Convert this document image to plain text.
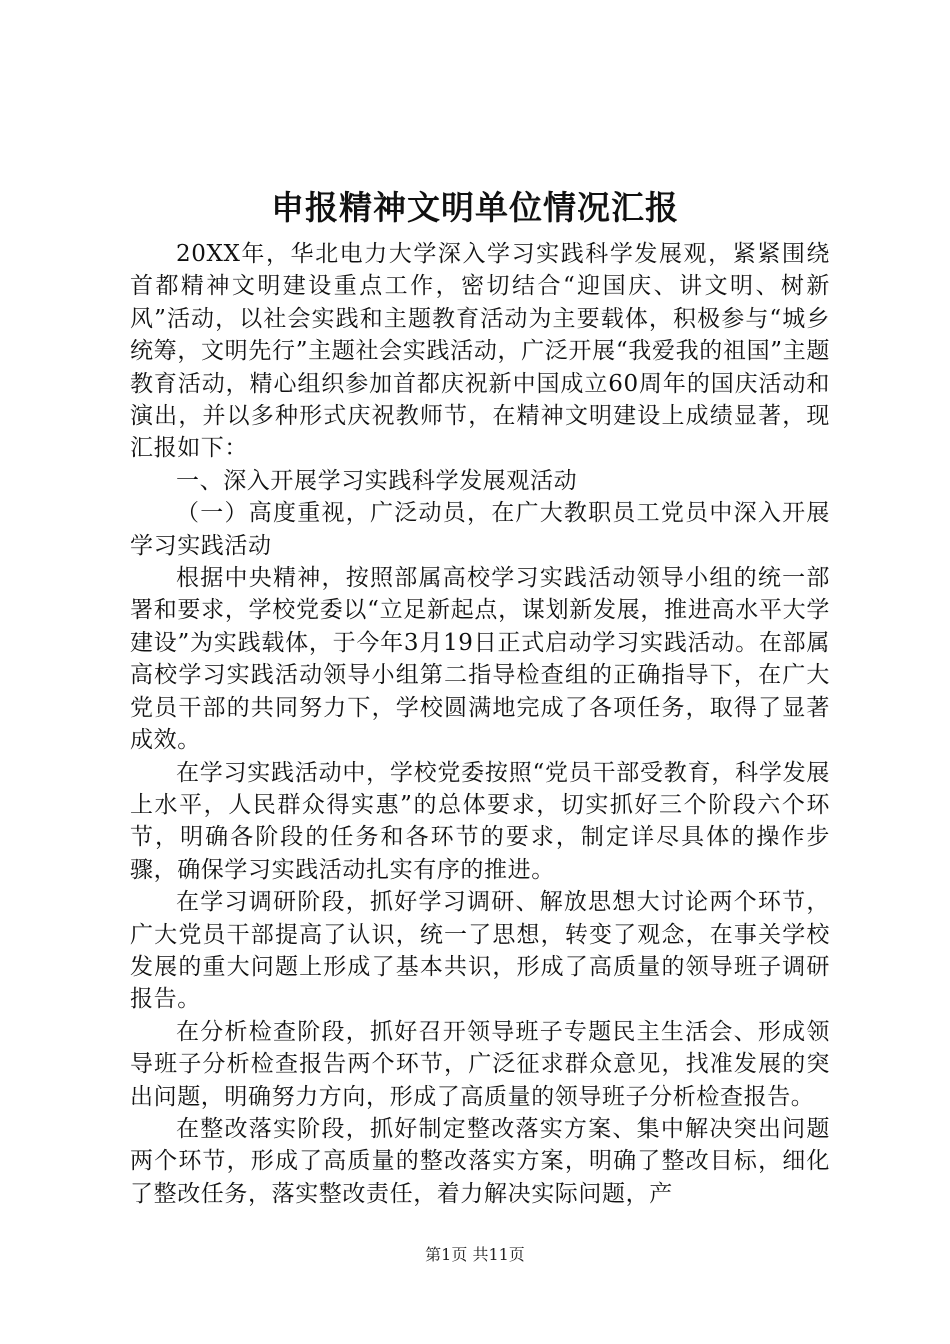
申报精神文明单位情况汇报

20XX年，华北电力大学深入学习实践科学发展观，紧紧围绕首都精神文明建设重点工作，密切结合“迎国庆、讲文明、树新风”活动，以社会实践和主题教育活动为主要载体，积极参与“城乡统筹，文明先行”主题社会实践活动，广泛开展“我爱我的祖国”主题教育活动，精心组织参加首都庆祝新中国成立60周年的国庆活动和演出，并以多种形式庆祝教师节，在精神文明建设上成绩显著，现汇报如下：

一、深入开展学习实践科学发展观活动

（一）高度重视，广泛动员，在广大教职员工党员中深入开展学习实践活动

根据中央精神，按照部属高校学习实践活动领导小组的统一部署和要求，学校党委以“立足新起点，谋划新发展，推进高水平大学建设”为实践载体，于今年3月19日正式启动学习实践活动。在部属高校学习实践活动领导小组第二指导检查组的正确指导下，在广大党员干部的共同努力下，学校圆满地完成了各项任务，取得了显著成效。

在学习实践活动中，学校党委按照“党员干部受教育，科学发展上水平，人民群众得实惠”的总体要求，切实抓好三个阶段六个环节，明确各阶段的任务和各环节的要求，制定详尽具体的操作步骤，确保学习实践活动扎实有序的推进。

在学习调研阶段，抓好学习调研、解放思想大讨论两个环节，广大党员干部提高了认识，统一了思想，转变了观念，在事关学校发展的重大问题上形成了基本共识，形成了高质量的领导班子调研报告。

在分析检查阶段，抓好召开领导班子专题民主生活会、形成领导班子分析检查报告两个环节，广泛征求群众意见，找准发展的突出问题，明确努力方向，形成了高质量的领导班子分析检查报告。

在整改落实阶段，抓好制定整改落实方案、集中解决突出问题两个环节，形成了高质量的整改落实方案，明确了整改目标，细化了整改任务，落实整改责任，着力解决实际问题，产

第1页 共11页
